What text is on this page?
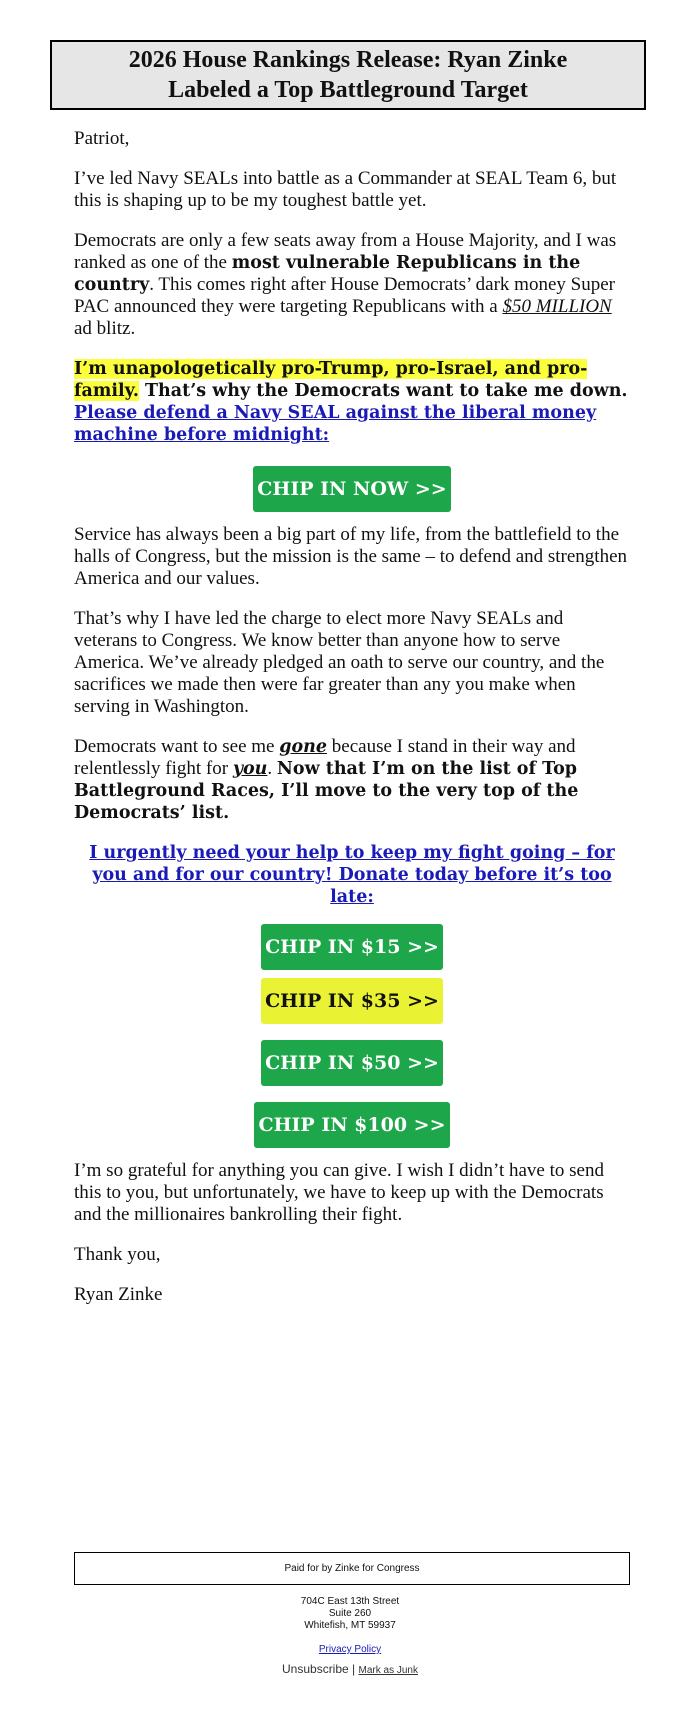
2026 House Rankings Release: Ryan Zinke
Labeled a Top Battleground Target

Patriot,

I’ve led Navy SEALs into battle as a Commander at SEAL Team 6, but this is shaping up to be my toughest battle yet.

Democrats are only a few seats away from a House Majority, and I was ranked as one of the most vulnerable Republicans in the country. This comes right after House Democrats’ dark money Super PAC announced they were targeting Republicans with a $50 MILLION ad blitz.

I’m unapologetically pro-Trump, pro-Israel, and pro-family. That’s why the Democrats want to take me down. Please defend a Navy SEAL against the liberal money machine before midnight:

CHIP IN NOW >>

Service has always been a big part of my life, from the battlefield to the halls of Congress, but the mission is the same – to defend and strengthen America and our values.

That’s why I have led the charge to elect more Navy SEALs and veterans to Congress. We know better than anyone how to serve America. We’ve already pledged an oath to serve our country, and the sacrifices we made then were far greater than any you make when serving in Washington.

Democrats want to see me gone because I stand in their way and relentlessly fight for you. Now that I’m on the list of Top Battleground Races, I’ll move to the very top of the Democrats’ list.

I urgently need your help to keep my fight going – for you and for our country! Donate today before it’s too late:

CHIP IN $15 >>
CHIP IN $35 >>
CHIP IN $50 >>
CHIP IN $100 >>

I’m so grateful for anything you can give. I wish I didn’t have to send this to you, but unfortunately, we have to keep up with the Democrats and the millionaires bankrolling their fight.

Thank you,

Ryan Zinke

Paid for by Zinke for Congress
704C East 13th Street
Suite 260
Whitefish, MT 59937
Privacy Policy
Unsubscribe | Mark as Junk
